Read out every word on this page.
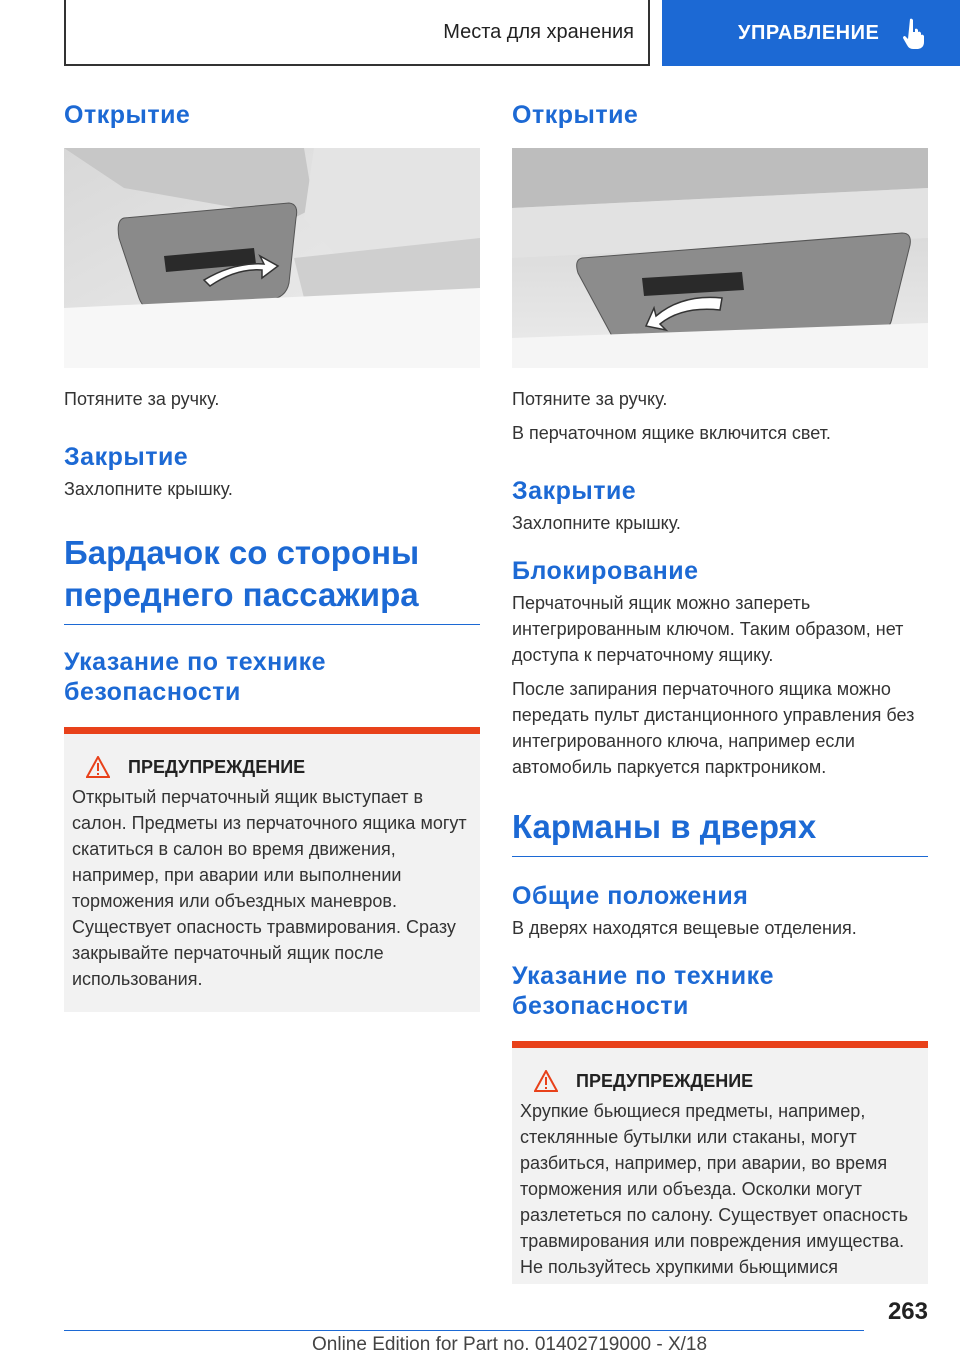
Места для хранения	УПРАВЛЕНИЕ
Открытие

Потяните за ручку.

Закрытие

Захлопните крышку.

Бардачок со стороны
переднего пассажира
Указание по технике
безопасности
ПРЕДУПРЕЖДЕНИЕ

Открытый перчаточный ящик выступает в салон. Предметы из перчаточного ящика могут скатиться в салон во время движения, например, при аварии или выполнении торможения или объездных маневров. Существует опасность травмирования. Сразу закрывайте перчаточный ящик после использования.

Открытие

Потяните за ручку.

В перчаточном ящике включится свет.

Закрытие

Захлопните крышку.

Блокирование

Перчаточный ящик можно запереть интегрированным ключом. Таким образом, нет доступа к перчаточному ящику.

После запирания перчаточного ящика можно передать пульт дистанционного управления без интегрированного ключа, например если автомобиль паркуется парктроником.

Карманы в дверях
Общие положения

В дверях находятся вещевые отделения.

Указание по технике
безопасности
ПРЕДУПРЕЖДЕНИЕ

Хрупкие бьющиеся предметы, например, стеклянные бутылки или стаканы, могут разбиться, например, при аварии, во время торможения или объезда. Осколки могут разлететься по салону. Существует опасность травмирования или повреждения имущества. Не пользуйтесь хрупкими бьющимися

263
Online Edition for Part no. 01402719000 - X/18
